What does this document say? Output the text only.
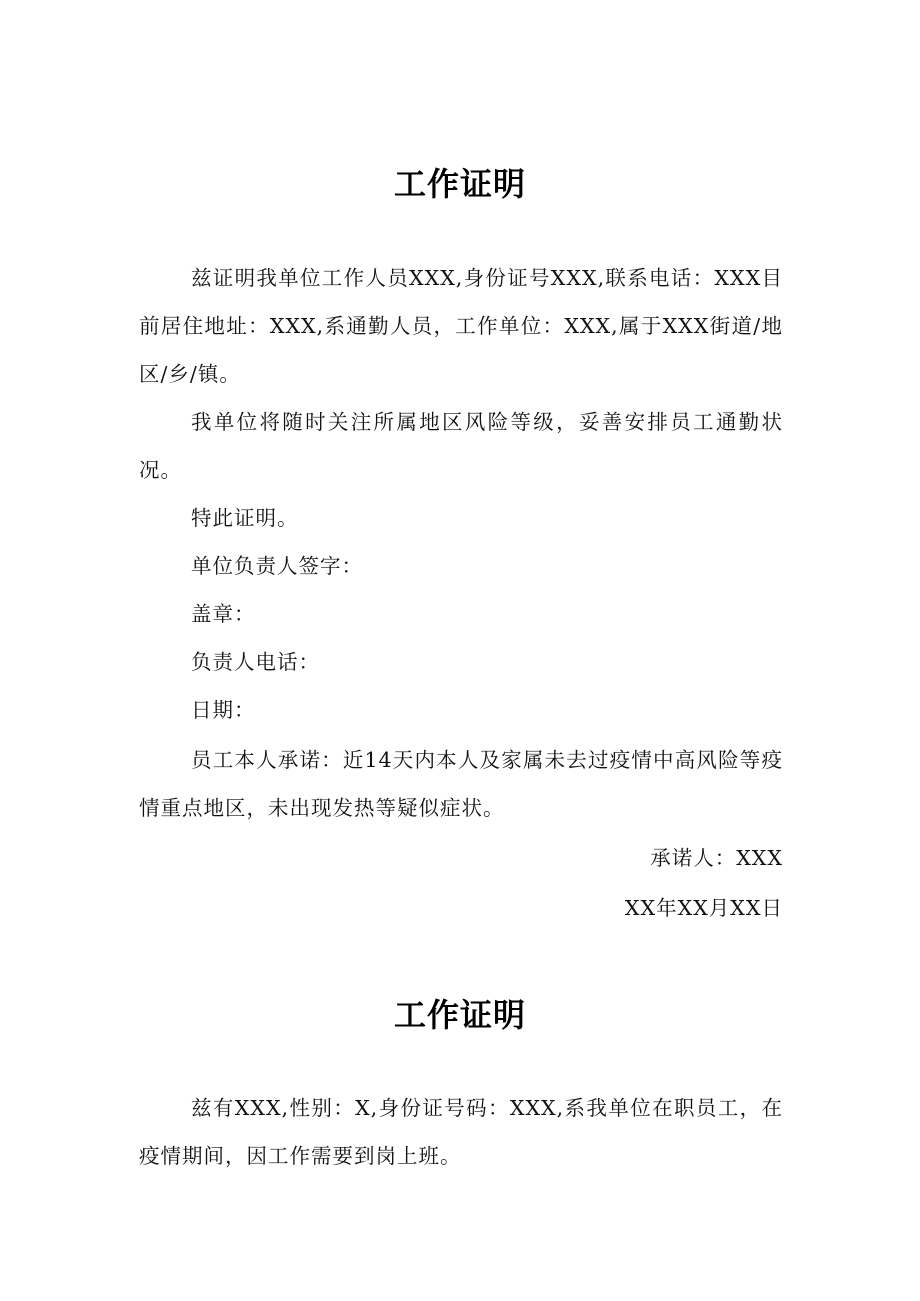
工作证明

兹证明我单位工作人员XXX,身份证号XXX,联系电话：XXX目前居住地址：XXX,系通勤人员，工作单位：XXX,属于XXX街道/地区/乡/镇。

我单位将随时关注所属地区风险等级，妥善安排员工通勤状况。

特此证明。

单位负责人签字：

盖章：

负责人电话：

日期：

员工本人承诺：近14天内本人及家属未去过疫情中高风险等疫情重点地区，未出现发热等疑似症状。

承诺人：XXX

XX年XX月XX日

工作证明

兹有XXX,性别：X,身份证号码：XXX,系我单位在职员工，在疫情期间，因工作需要到岗上班。
